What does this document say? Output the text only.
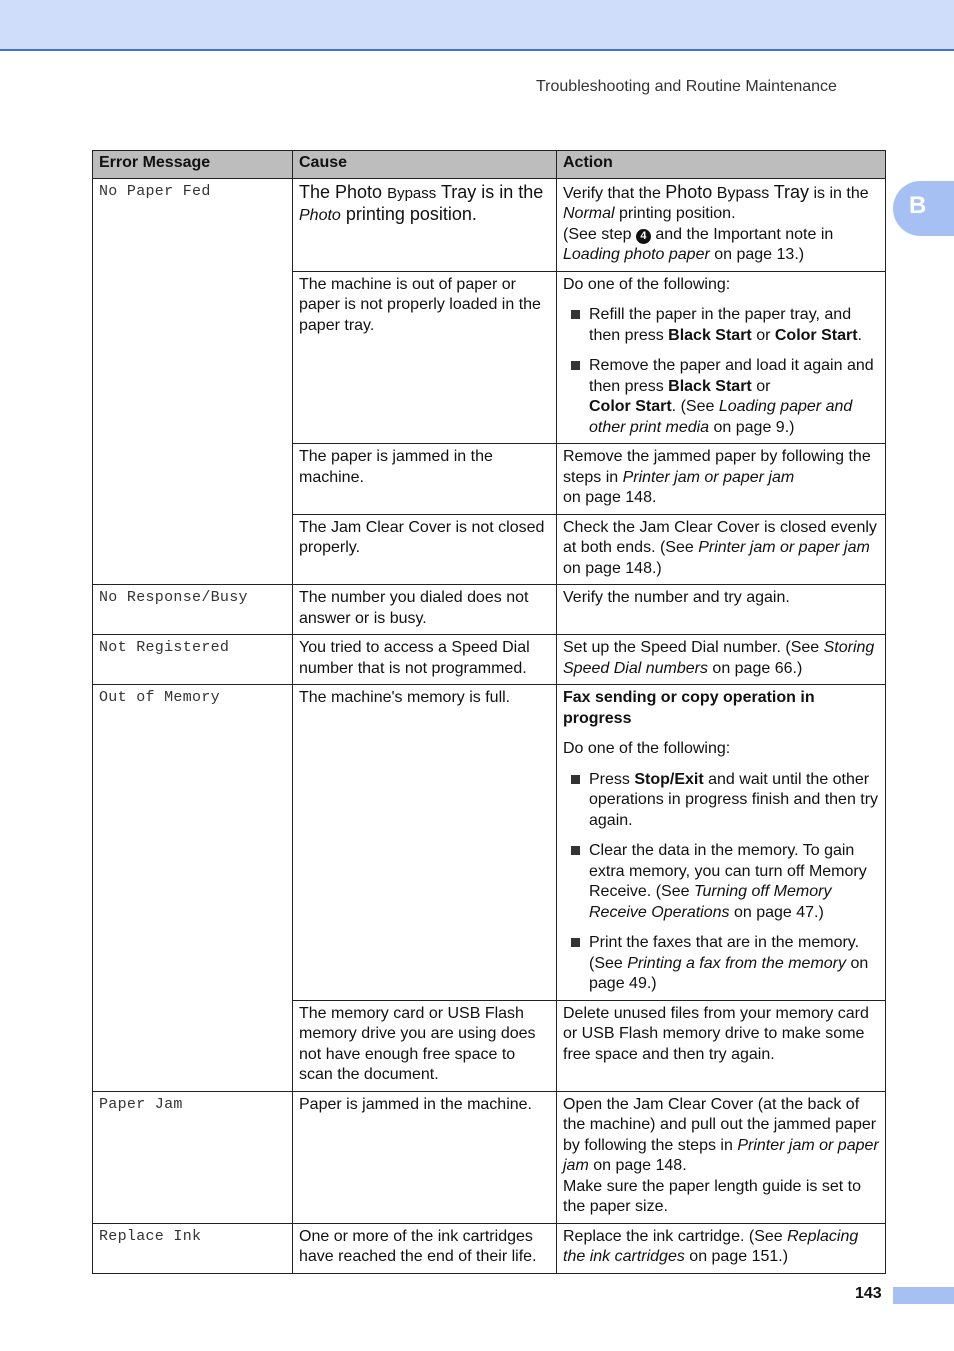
Troubleshooting and Routine Maintenance
B
Error Message	Cause	Action
No Paper Fed	The Photo Bypass Tray is in the Photo printing position.	Verify that the Photo Bypass Tray is in the Normal printing position.
(See step 4 and the Important note in Loading photo paper on page 13.)
	The machine is out of paper or paper is not properly loaded in the paper tray.	Do one of the following:

Refill the paper in the paper tray, and then press Black Start or Color Start.

Remove the paper and load it again and then press Black Start or
Color Start. (See Loading paper and other print media on page 9.)

	The paper is jammed in the machine.	Remove the jammed paper by following the steps in Printer jam or paper jam
on page 148.
	The Jam Clear Cover is not closed properly.	Check the Jam Clear Cover is closed evenly at both ends. (See Printer jam or paper jam on page 148.)
No Response/Busy	The number you dialed does not answer or is busy.	Verify the number and try again.
Not Registered	You tried to access a Speed Dial number that is not programmed.	Set up the Speed Dial number. (See Storing Speed Dial numbers on page 66.)
Out of Memory	The machine's memory is full.	Fax sending or copy operation in progress

Do one of the following:

Press Stop/Exit and wait until the other operations in progress finish and then try again.

Clear the data in the memory. To gain extra memory, you can turn off Memory Receive. (See Turning off Memory Receive Operations on page 47.)

Print the faxes that are in the memory. (See Printing a fax from the memory on page 49.)

	The memory card or USB Flash memory drive you are using does not have enough free space to scan the document.	Delete unused files from your memory card or USB Flash memory drive to make some free space and then try again.
Paper Jam	Paper is jammed in the machine.	Open the Jam Clear Cover (at the back of the machine) and pull out the jammed paper by following the steps in Printer jam or paper jam on page 148.
Make sure the paper length guide is set to the paper size.
Replace Ink	One or more of the ink cartridges have reached the end of their life.	Replace the ink cartridge. (See Replacing the ink cartridges on page 151.)
143
